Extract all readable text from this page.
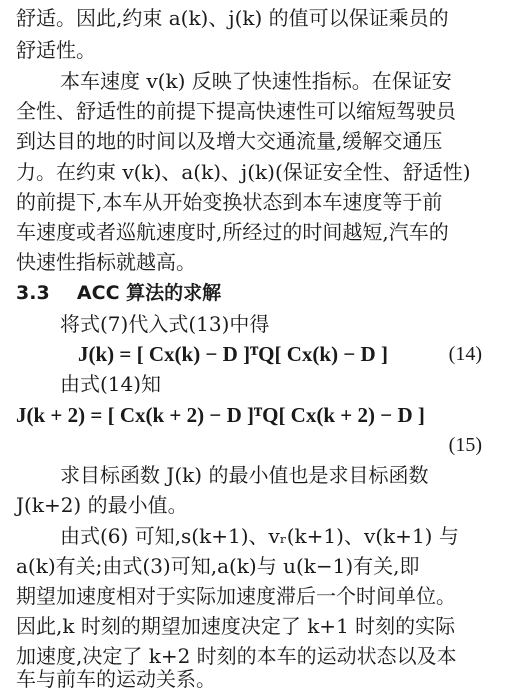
舒适。因此,约束 a(k)、j(k) 的值可以保证乘员的
舒适性。
本车速度 v(k) 反映了快速性指标。在保证安
全性、舒适性的前提下提高快速性可以缩短驾驶员
到达目的地的时间以及增大交通流量,缓解交通压
力。在约束 v(k)、a(k)、j(k)(保证安全性、舒适性)
的前提下,本车从开始变换状态到本车速度等于前
车速度或者巡航速度时,所经过的时间越短,汽车的
快速性指标就越高。
3.3 ACC 算法的求解
将式(7)代入式(13)中得
J(k) = [ Cx(k) − D ]ᵀQ[ Cx(k) − D ]	(14)
由式(14)知
J(k + 2) = [ Cx(k + 2) − D ]ᵀQ[ Cx(k + 2) − D ]
(15)
求目标函数 J(k) 的最小值也是求目标函数
J(k+2) 的最小值。
由式(6) 可知,s(k+1)、vᵣ(k+1)、v(k+1) 与
a(k)有关;由式(3)可知,a(k)与 u(k−1)有关,即
期望加速度相对于实际加速度滞后一个时间单位。
因此,k 时刻的期望加速度决定了 k+1 时刻的实际
加速度,决定了 k+2 时刻的本车的运动状态以及本
车与前车的运动关系。
